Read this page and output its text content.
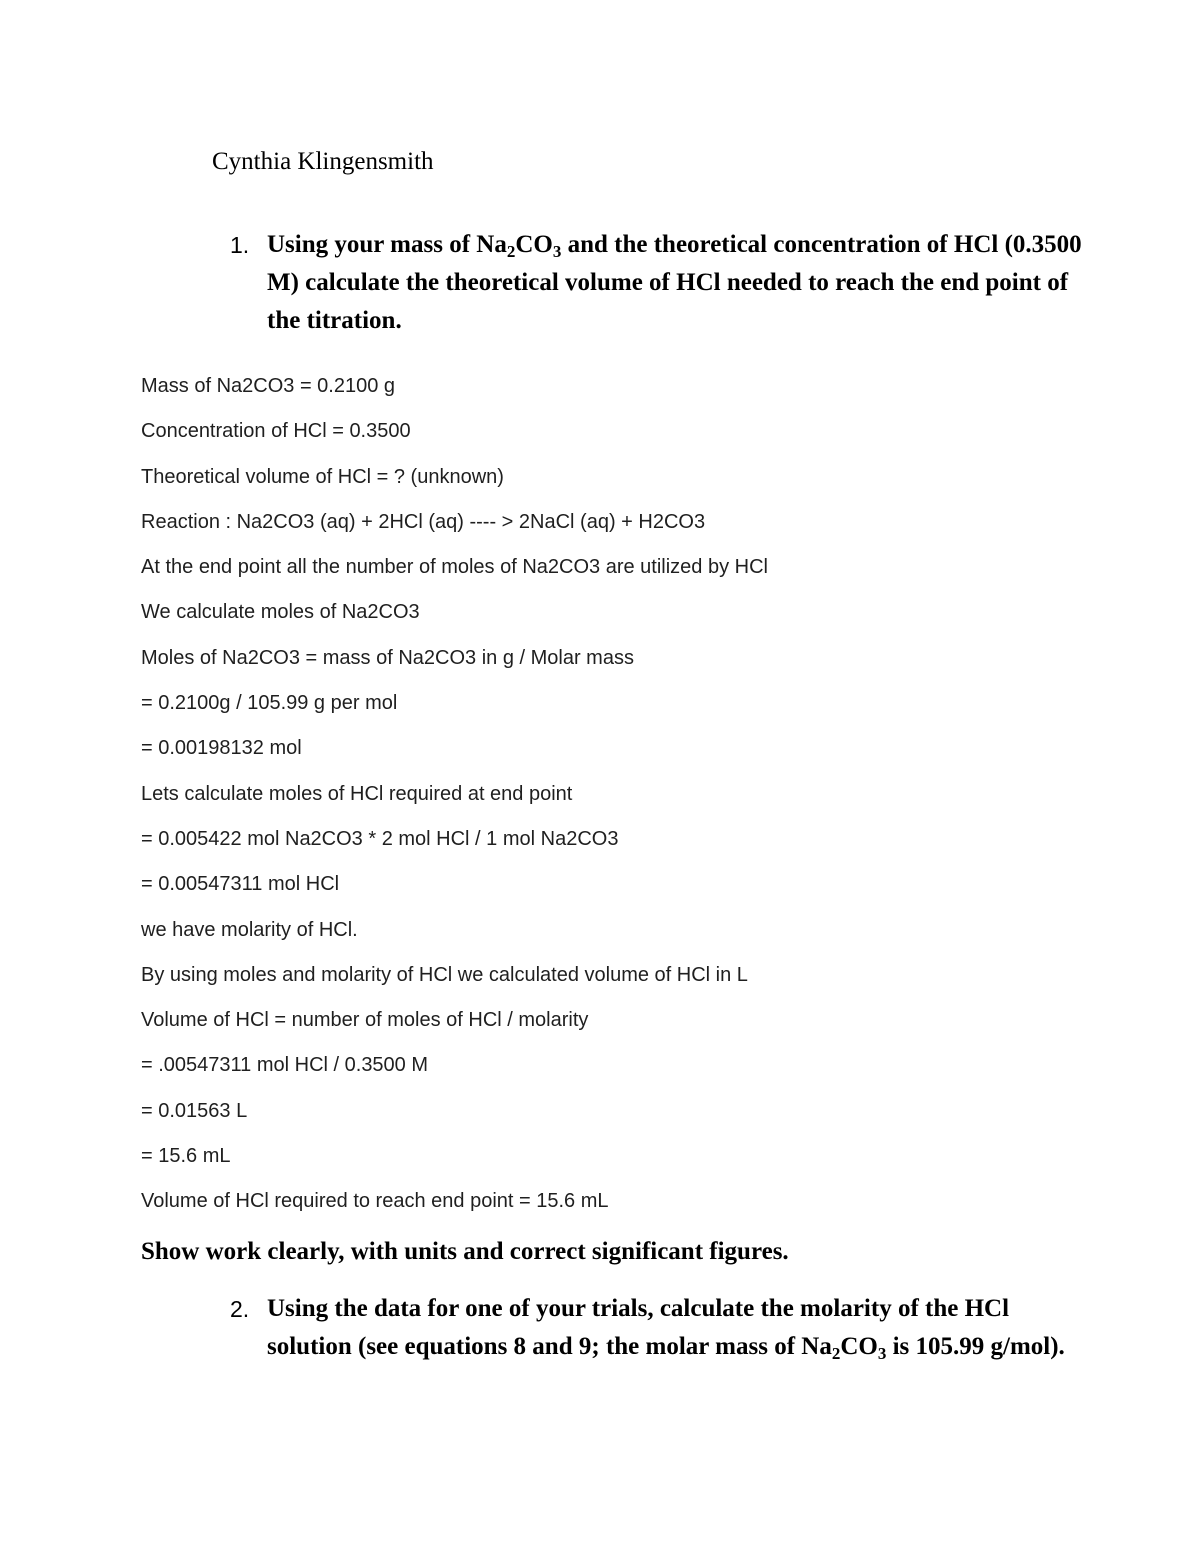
Cynthia Klingensmith
1. Using your mass of $Na_2CO_3$ and the theoretical concentration of HCl (0.3500 M) calculate the theoretical volume of HCl needed to reach the end point of the titration.
Mass of Na2CO3 = 0.2100 g
Concentration of HCl = 0.3500
Theoretical volume of HCl = ? (unknown)
Reaction : Na2CO3 (aq) + 2HCl (aq) ---- > 2NaCl (aq) + H2CO3
At the end point all the number of moles of Na2CO3 are utilized by HCl
We calculate moles of Na2CO3
Moles of Na2CO3 = mass of Na2CO3 in g / Molar mass
= 0.2100g / 105.99 g per mol
= 0.00198132 mol
Lets calculate moles of HCl required at end point
= 0.005422 mol Na2CO3 * 2 mol HCl / 1 mol Na2CO3
= 0.00547311 mol HCl
we have molarity of HCl.
By using moles and molarity of HCl we calculated volume of HCl in L
Volume of HCl = number of moles of HCl / molarity
= .00547311 mol HCl / 0.3500 M
= 0.01563 L
= 15.6 mL
Volume of HCl required to reach end point = 15.6 mL
Show work clearly, with units and correct significant figures.
2. Using the data for one of your trials, calculate the molarity of the HCl solution (see equations 8 and 9; the molar mass of $Na_2CO_3$ is 105.99 g/mol).
